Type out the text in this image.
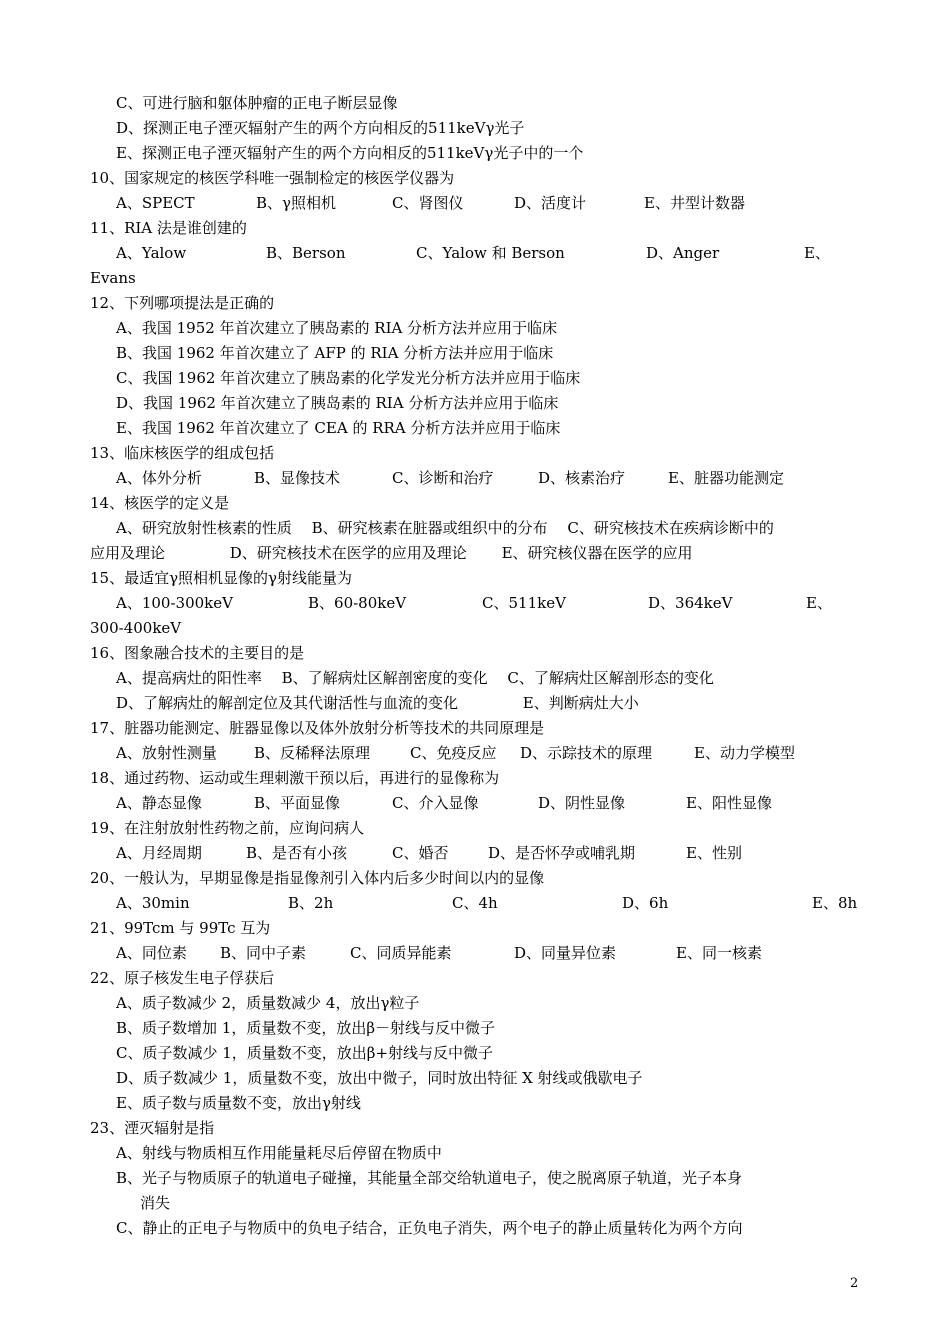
C、可进行脑和躯体肿瘤的正电子断层显像
D、探测正电子湮灭辐射产生的两个方向相反的511keVγ光子
E、探测正电子湮灭辐射产生的两个方向相反的511keVγ光子中的一个
10、国家规定的核医学科唯一强制检定的核医学仪器为
A、SPECT	B、γ照相机	C、肾图仪	D、活度计	E、井型计数器
11、RIA 法是谁创建的
A、Yalow	B、Berson	C、Yalow 和 Berson	D、Anger	E、
Evans
12、下列哪项提法是正确的
A、我国 1952 年首次建立了胰岛素的 RIA 分析方法并应用于临床
B、我国 1962 年首次建立了 AFP 的 RIA 分析方法并应用于临床
C、我国 1962 年首次建立了胰岛素的化学发光分析方法并应用于临床
D、我国 1962 年首次建立了胰岛素的 RIA 分析方法并应用于临床
E、我国 1962 年首次建立了 CEA 的 RRA 分析方法并应用于临床
13、临床核医学的组成包括
A、体外分析	B、显像技术	C、诊断和治疗	D、核素治疗	E、脏器功能测定
14、核医学的定义是
A、研究放射性核素的性质　 B、研究核素在脏器或组织中的分布　 C、研究核技术在疾病诊断中的
应用及理论　　　　 D、研究核技术在医学的应用及理论　　 E、研究核仪器在医学的应用
15、最适宜γ照相机显像的γ射线能量为
A、100-300keV	B、60-80keV	C、511keV	D、364keV	E、
300-400keV
16、图象融合技术的主要目的是
A、提高病灶的阳性率　 B、了解病灶区解剖密度的变化　 C、了解病灶区解剖形态的变化
D、了解病灶的解剖定位及其代谢活性与血流的变化　　　　 E、判断病灶大小
17、脏器功能测定、脏器显像以及体外放射分析等技术的共同原理是
A、放射性测量 B、反稀释法原理	C、免疫反应 D、示踪技术的原理	E、动力学模型
18、通过药物、运动或生理刺激干预以后，再进行的显像称为
A、静态显像	B、平面显像	C、介入显像	D、阴性显像	E、阳性显像
19、在注射放射性药物之前，应询问病人
A、月经周期	B、是否有小孩	C、婚否	D、是否怀孕或哺乳期	E、性别
20、一般认为，早期显像是指显像剂引入体内后多少时间以内的显像
A、30min	B、2h	C、4h	D、6h	E、8h
21、99Tcm 与 99Tc 互为
A、同位素 B、同中子素	C、同质异能素	D、同量异位素	E、同一核素
22、原子核发生电子俘获后
A、质子数减少 2，质量数减少 4，放出γ粒子
B、质子数增加 1，质量数不变，放出β－射线与反中微子
C、质子数减少 1，质量数不变，放出β+射线与反中微子
D、质子数减少 1，质量数不变，放出中微子，同时放出特征 X 射线或俄歇电子
E、质子数与质量数不变，放出γ射线
23、湮灭辐射是指
A、射线与物质相互作用能量耗尽后停留在物质中
B、光子与物质原子的轨道电子碰撞，其能量全部交给轨道电子，使之脱离原子轨道，光子本身
消失
C、静止的正电子与物质中的负电子结合，正负电子消失，两个电子的静止质量转化为两个方向
2
